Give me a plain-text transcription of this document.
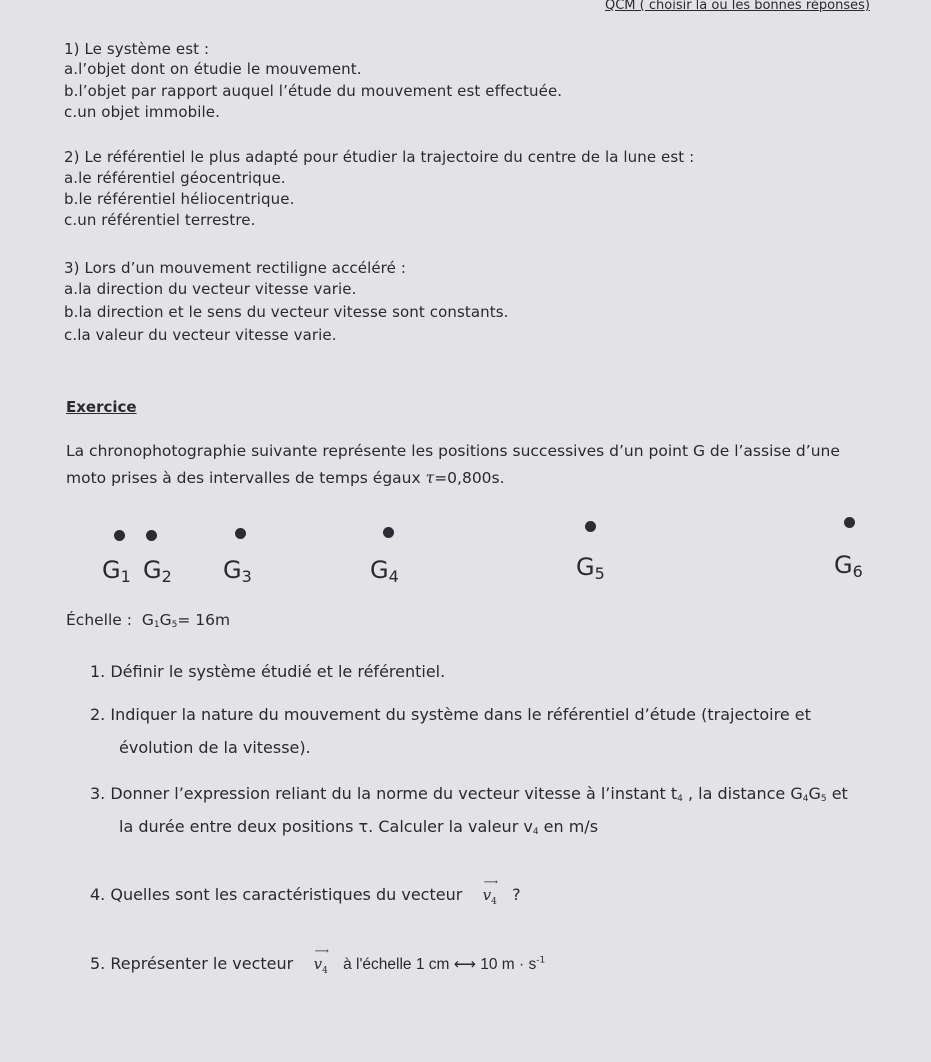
QCM ( choisir la ou les bonnes réponses)
1) Le système est :
a.l’objet dont on étudie le mouvement.
b.l’objet par rapport auquel l’étude du mouvement est effectuée.
c.un objet immobile.
2) Le référentiel le plus adapté pour étudier la trajectoire du centre de la lune est :
a.le référentiel géocentrique.
b.le référentiel héliocentrique.
c.un référentiel terrestre.
3) Lors d’un mouvement rectiligne accéléré :
a.la direction du vecteur vitesse varie.
b.la direction et le sens du vecteur vitesse sont constants.
c.la valeur du vecteur vitesse varie.
Exercice
La chronophotographie suivante représente les positions successives d’un point G de l’assise d’une
moto prises à des intervalles de temps égaux τ=0,800s.
$G_1$ $G_2$ $G_3$	$G_4$	$G_5$	$G_6$
Échelle : G1G5= 16m
1. Définir le système étudié et le référentiel.
2. Indiquer la nature du mouvement du système dans le référentiel d’étude (trajectoire et
évolution de la vitesse).
3. Donner l’expression reliant du la norme du vecteur vitesse à l’instant t4 , la distance G4G5 et
la durée entre deux positions τ. Calculer la valeur v4 en m/s
4. Quelles sont les caractéristiques du vecteur
⟶
$v_4$ ?
5. Représenter le vecteur
⟶
$v_4$ à l'échelle 1 cm ⟷ 10 $m \cdot s^{-1}$
